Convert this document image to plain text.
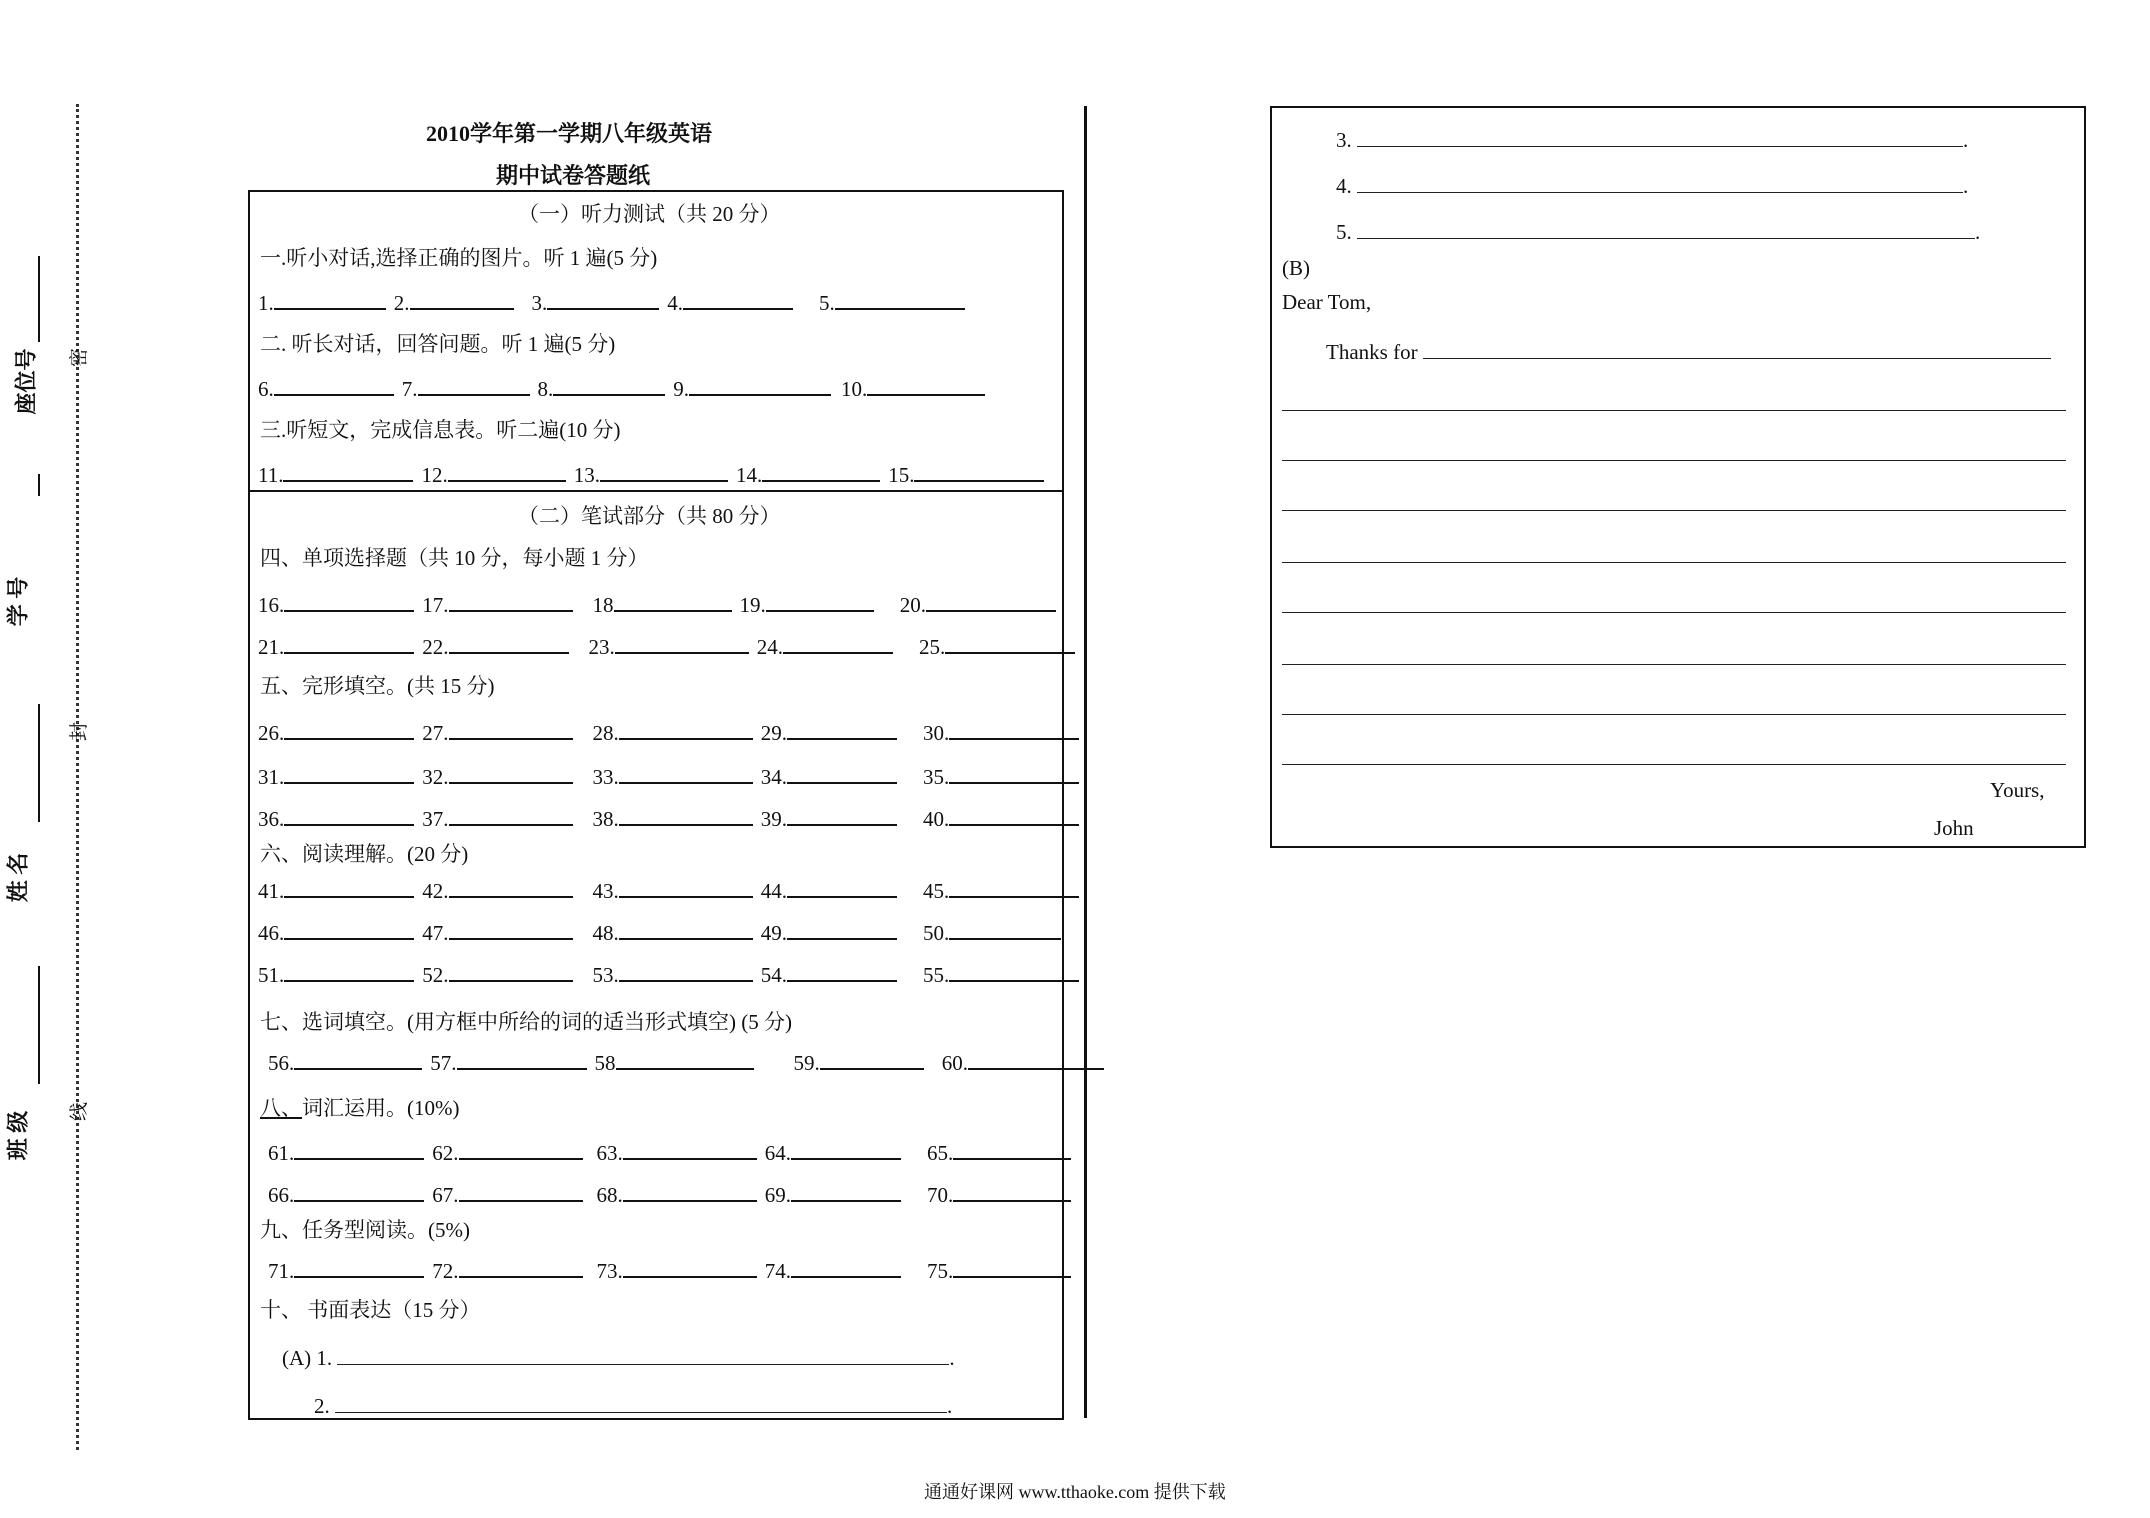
座位号 密
学 号
封
姓 名
线
班 级
2010学年第一学期八年级英语
期中试卷答题纸
（一）听力测试（共 20 分）
一.听小对话,选择正确的图片。听 1 遍(5 分)
二. 听长对话，回答问题。听 1 遍(5 分)
三.听短文，完成信息表。听二遍(10 分)
（二）笔试部分（共 80 分）
四、单项选择题（共 10 分，每小题 1 分）
五、完形填空。(共 15 分)
六、阅读理解。(20 分)
七、选词填空。(用方框中所给的词的适当形式填空) (5 分)
八、词汇运用。(10%)
九、任务型阅读。(5%)
十、 书面表达（15 分）
(A) 1.	.
2.	.
1.	2.	3.	4.	5.
6.	7.	8.	9.	10.
11.	12.	13.	14.	15.
16.	17.	18	19.	20.
21.	22.	23.	24.	25.
26.	27.	28.	29.	30.
31.	32.	33.	34.	35.
36.	37.	38.	39.	40.
41.	42.	43.	44.	45.
46.	47.	48.	49.	50.
51.	52.	53.	54.	55.
56.	57.	58	59.	60.
61.	62.	63.	64.	65.
66.	67.	68.	69.	70.
71.	72.	73.	74.	75.
3.	.
4.	.
5.	.
(B)
Dear Tom,
Thanks for
Yours,
John
通通好课网 www.tthaoke.com 提供下载
